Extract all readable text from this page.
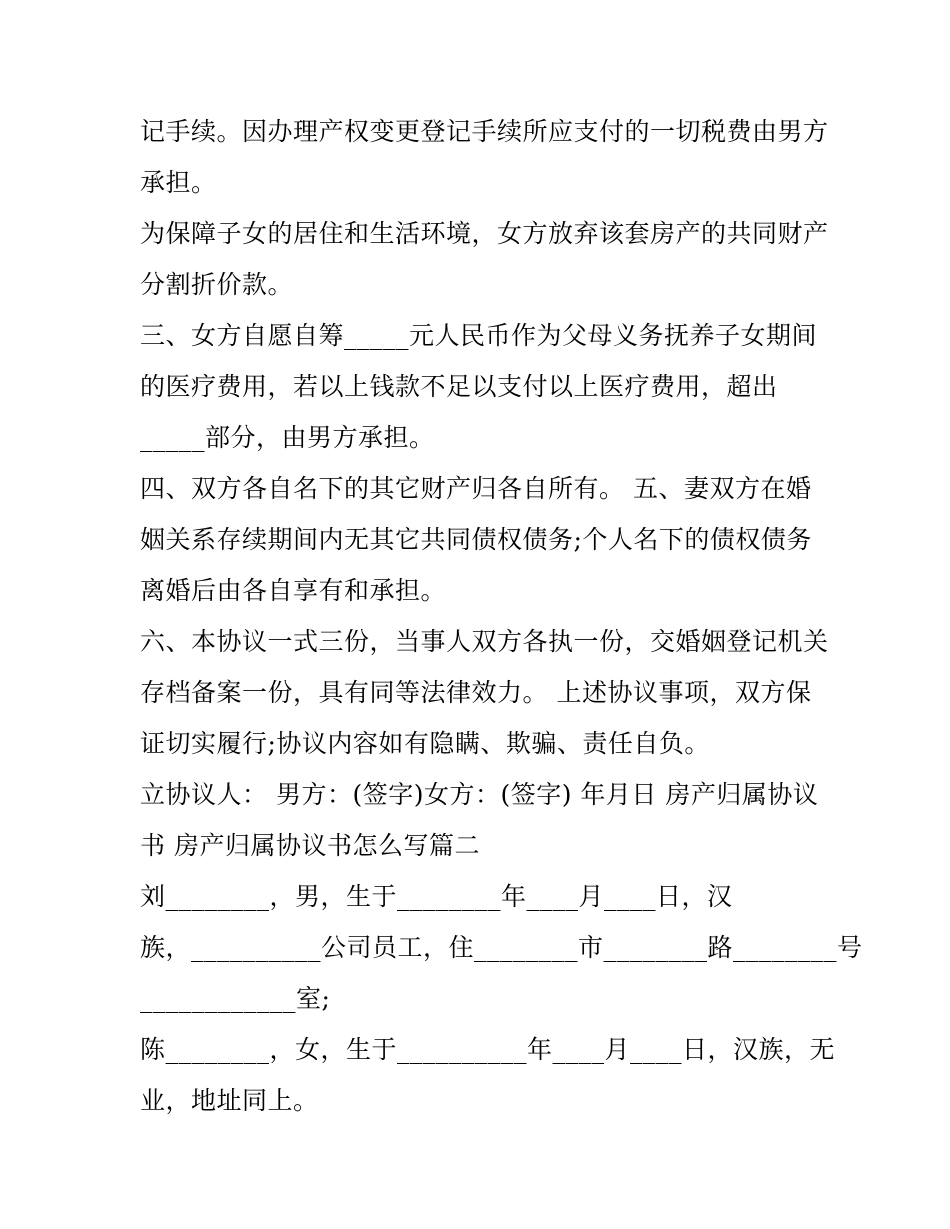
记手续。因办理产权变更登记手续所应支付的一切税费由男方
承担。
为保障子女的居住和生活环境，女方放弃该套房产的共同财产
分割折价款。
三、女方自愿自筹_____元人民币作为父母义务抚养子女期间
的医疗费用，若以上钱款不足以支付以上医疗费用，超出
_____部分，由男方承担。
四、双方各自名下的其它财产归各自所有。 五、妻双方在婚
姻关系存续期间内无其它共同债权债务;个人名下的债权债务
离婚后由各自享有和承担。
六、本协议一式三份，当事人双方各执一份，交婚姻登记机关
存档备案一份，具有同等法律效力。 上述协议事项，双方保
证切实履行;协议内容如有隐瞒、欺骗、责任自负。
立协议人： 男方：(签字)女方：(签字) 年月日 房产归属协议
书 房产归属协议书怎么写篇二
刘________，男，生于________年____月____日，汉
族，__________公司员工，住________市________路________号
____________室;
陈________，女，生于__________年____月____日，汉族，无
业，地址同上。
